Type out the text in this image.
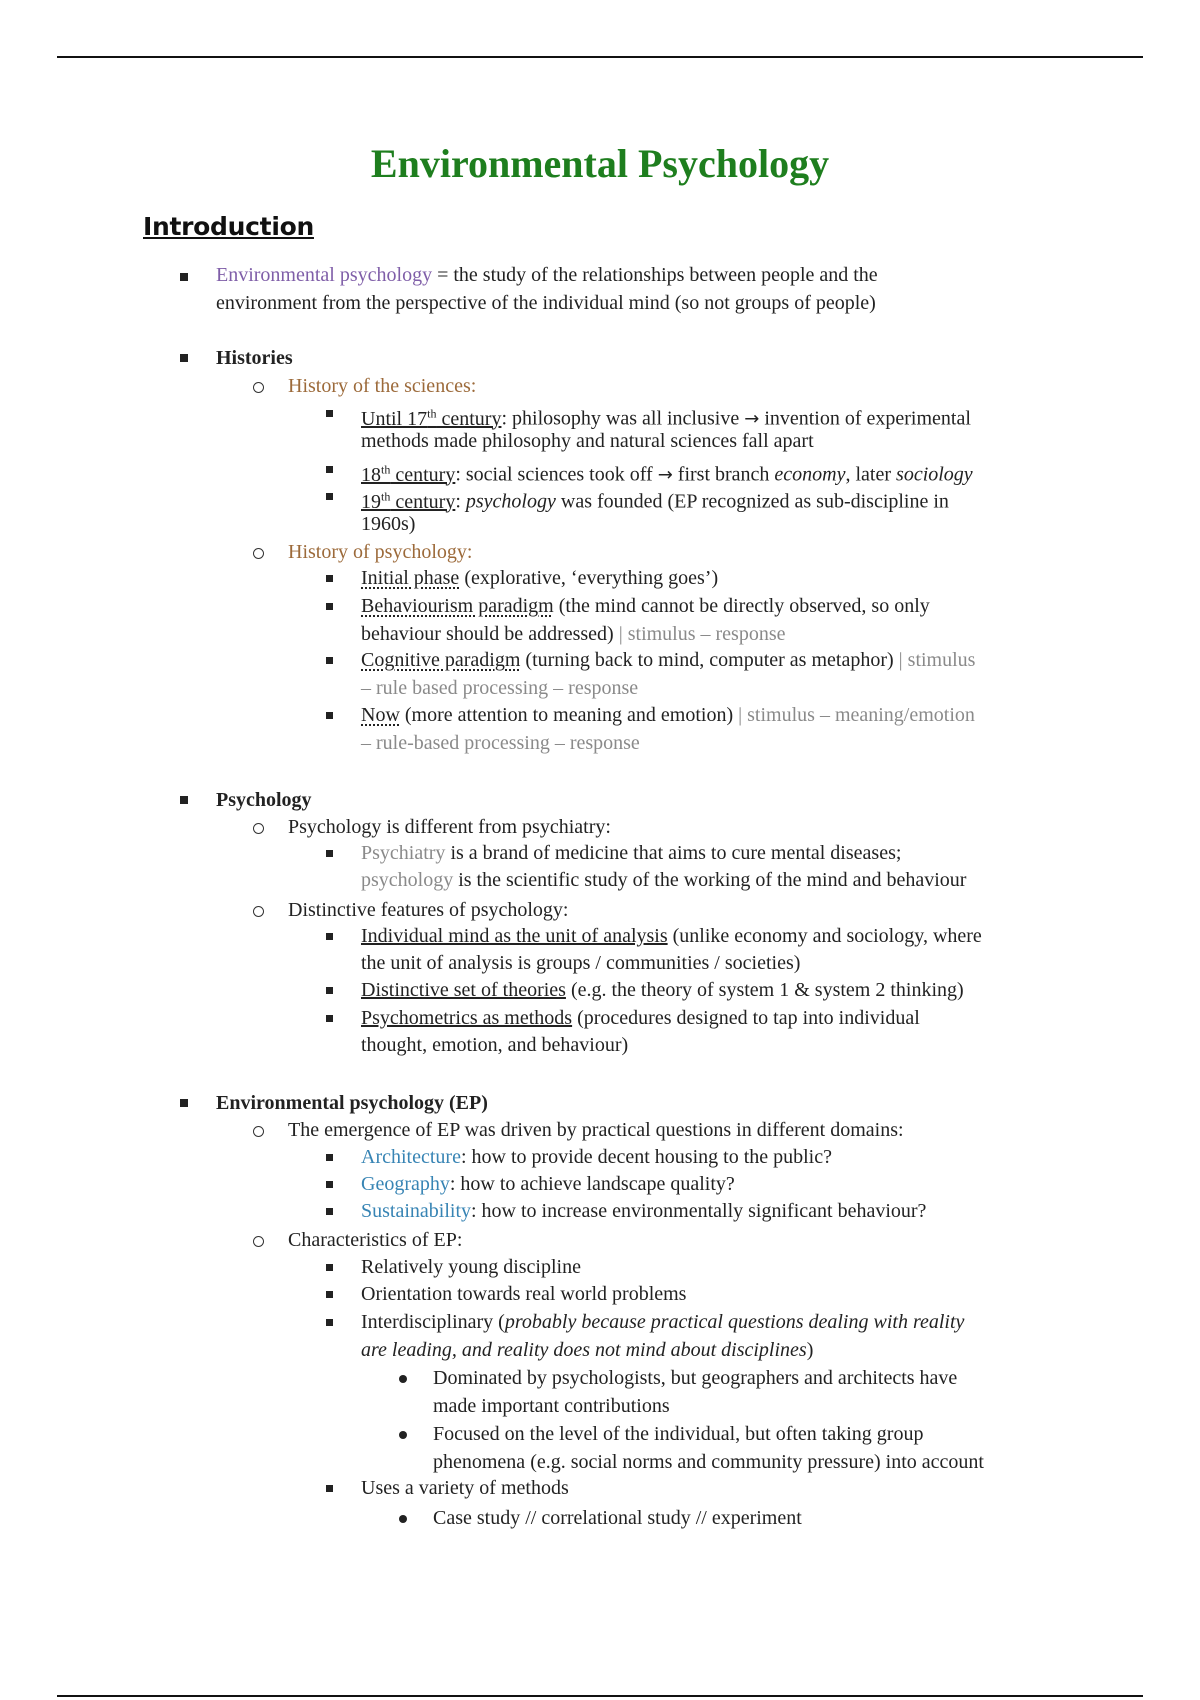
Environmental Psychology
Introduction
Environmental psychology = the study of the relationships between people and the
environment from the perspective of the individual mind (so not groups of people)
Histories
History of the sciences:
Until 17th century: philosophy was all inclusive → invention of experimental
methods made philosophy and natural sciences fall apart
18th century: social sciences took off → first branch economy, later sociology
19th century: psychology was founded (EP recognized as sub-discipline in
1960s)
History of psychology:
Initial phase (explorative, ‘everything goes’)
Behaviourism paradigm (the mind cannot be directly observed, so only
behaviour should be addressed) | stimulus – response
Cognitive paradigm (turning back to mind, computer as metaphor) | stimulus
– rule based processing – response
Now (more attention to meaning and emotion) | stimulus – meaning/emotion
– rule-based processing – response
Psychology
Psychology is different from psychiatry:
Psychiatry is a brand of medicine that aims to cure mental diseases;
psychology is the scientific study of the working of the mind and behaviour
Distinctive features of psychology:
Individual mind as the unit of analysis (unlike economy and sociology, where
the unit of analysis is groups / communities / societies)
Distinctive set of theories (e.g. the theory of system 1 & system 2 thinking)
Psychometrics as methods (procedures designed to tap into individual
thought, emotion, and behaviour)
Environmental psychology (EP)
The emergence of EP was driven by practical questions in different domains:
Architecture: how to provide decent housing to the public?
Geography: how to achieve landscape quality?
Sustainability: how to increase environmentally significant behaviour?
Characteristics of EP:
Relatively young discipline
Orientation towards real world problems
Interdisciplinary (probably because practical questions dealing with reality
are leading, and reality does not mind about disciplines)
Dominated by psychologists, but geographers and architects have
made important contributions
Focused on the level of the individual, but often taking group
phenomena (e.g. social norms and community pressure) into account
Uses a variety of methods
Case study // correlational study // experiment
